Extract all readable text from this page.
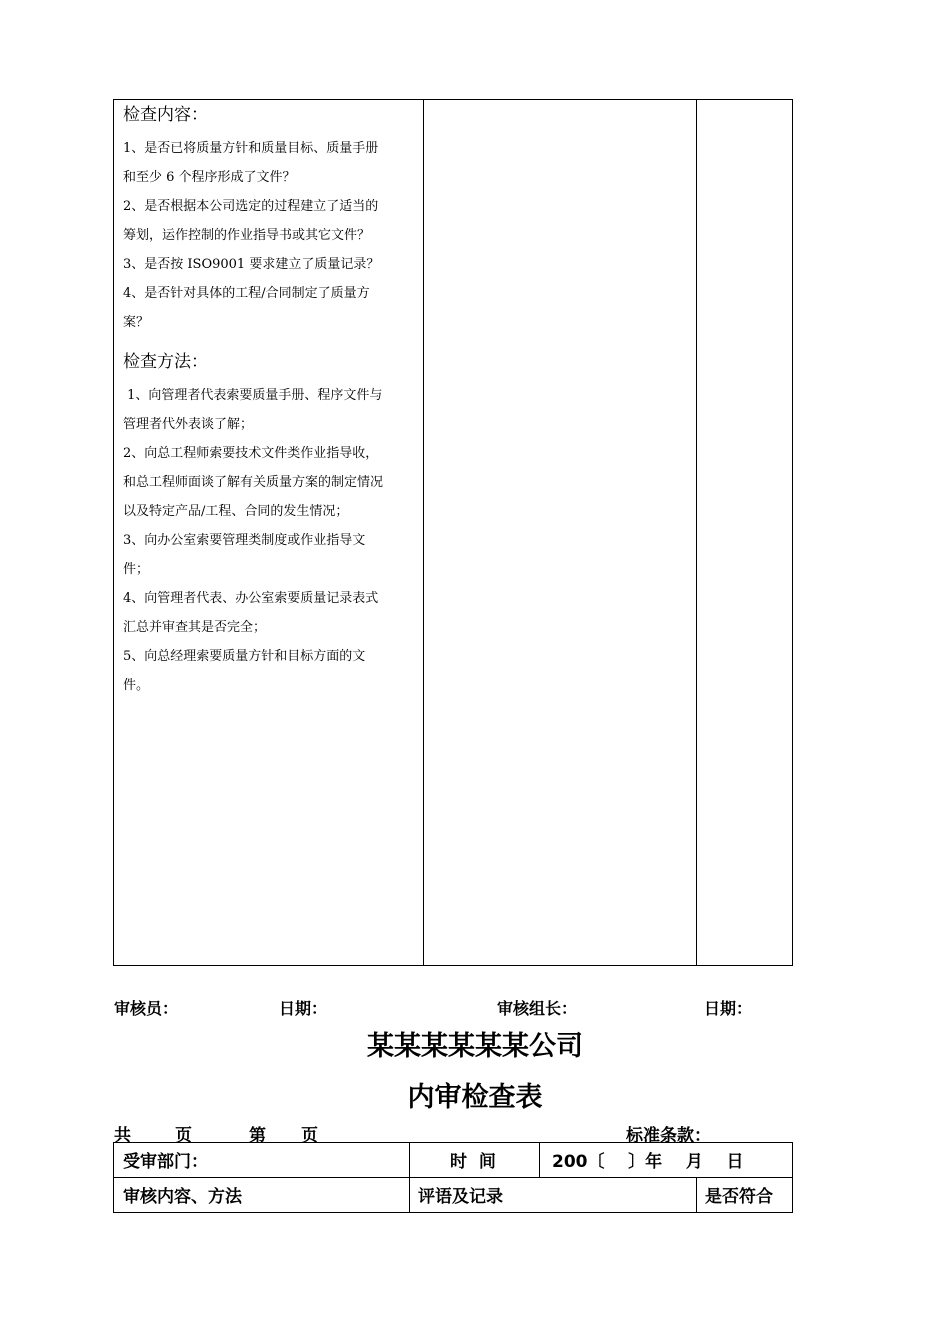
检查内容：
1、是否已将质量方针和质量目标、质量手册
和至少 6 个程序形成了文件？
2、是否根据本公司选定的过程建立了适当的
筹划，运作控制的作业指导书或其它文件？
3、是否按 ISO9001 要求建立了质量记录？
4、是否针对具体的工程/合同制定了质量方
案？
检查方法：
1、向管理者代表索要质量手册、程序文件与
管理者代外表谈了解；
2、向总工程师索要技术文件类作业指导收，
和总工程师面谈了解有关质量方案的制定情况
以及特定产品/工程、合同的发生情况；
3、向办公室索要管理类制度或作业指导文
件；
4、向管理者代表、办公室索要质量记录表式
汇总并审查其是否完全；
5、向总经理索要质量方针和目标方面的文
件。
审核员：	日期：	审核组长：	日期：
某某某某某某公司
内审检查表
共	页	第 页	标准条款：
受审部门：	时  间	200〔    〕年    月    日
审核内容、方法	评语及记录	是否符合
